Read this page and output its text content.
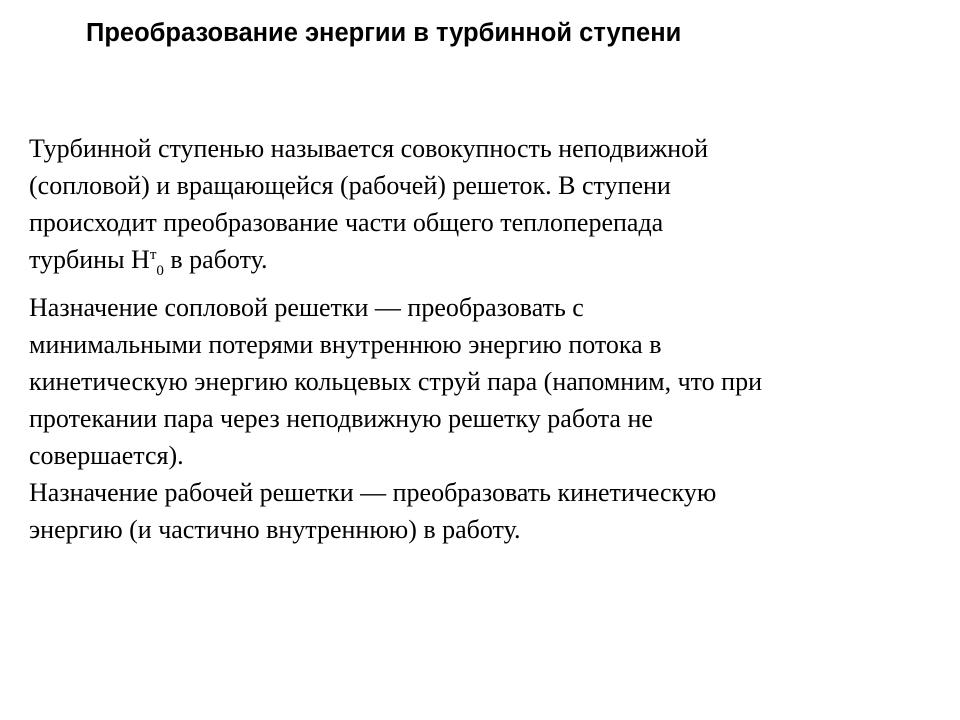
Преобразование энергии в турбинной ступени

Турбинной ступенью называется совокупность неподвижной
(сопловой) и вращающейся (рабочей) решеток. В ступени
происходит преобразование части общего теплоперепада
турбины $Н^т_0$ в работу.

Назначение сопловой решетки — преобразовать с
минимальными потерями внутреннюю энергию потока в
кинетическую энергию кольцевых струй пара (напомним, что при
протекании пара через неподвижную решетку работа не
совершается).

Назначение рабочей решетки — преобразовать кинетическую
энергию (и частично внутреннюю) в работу.
